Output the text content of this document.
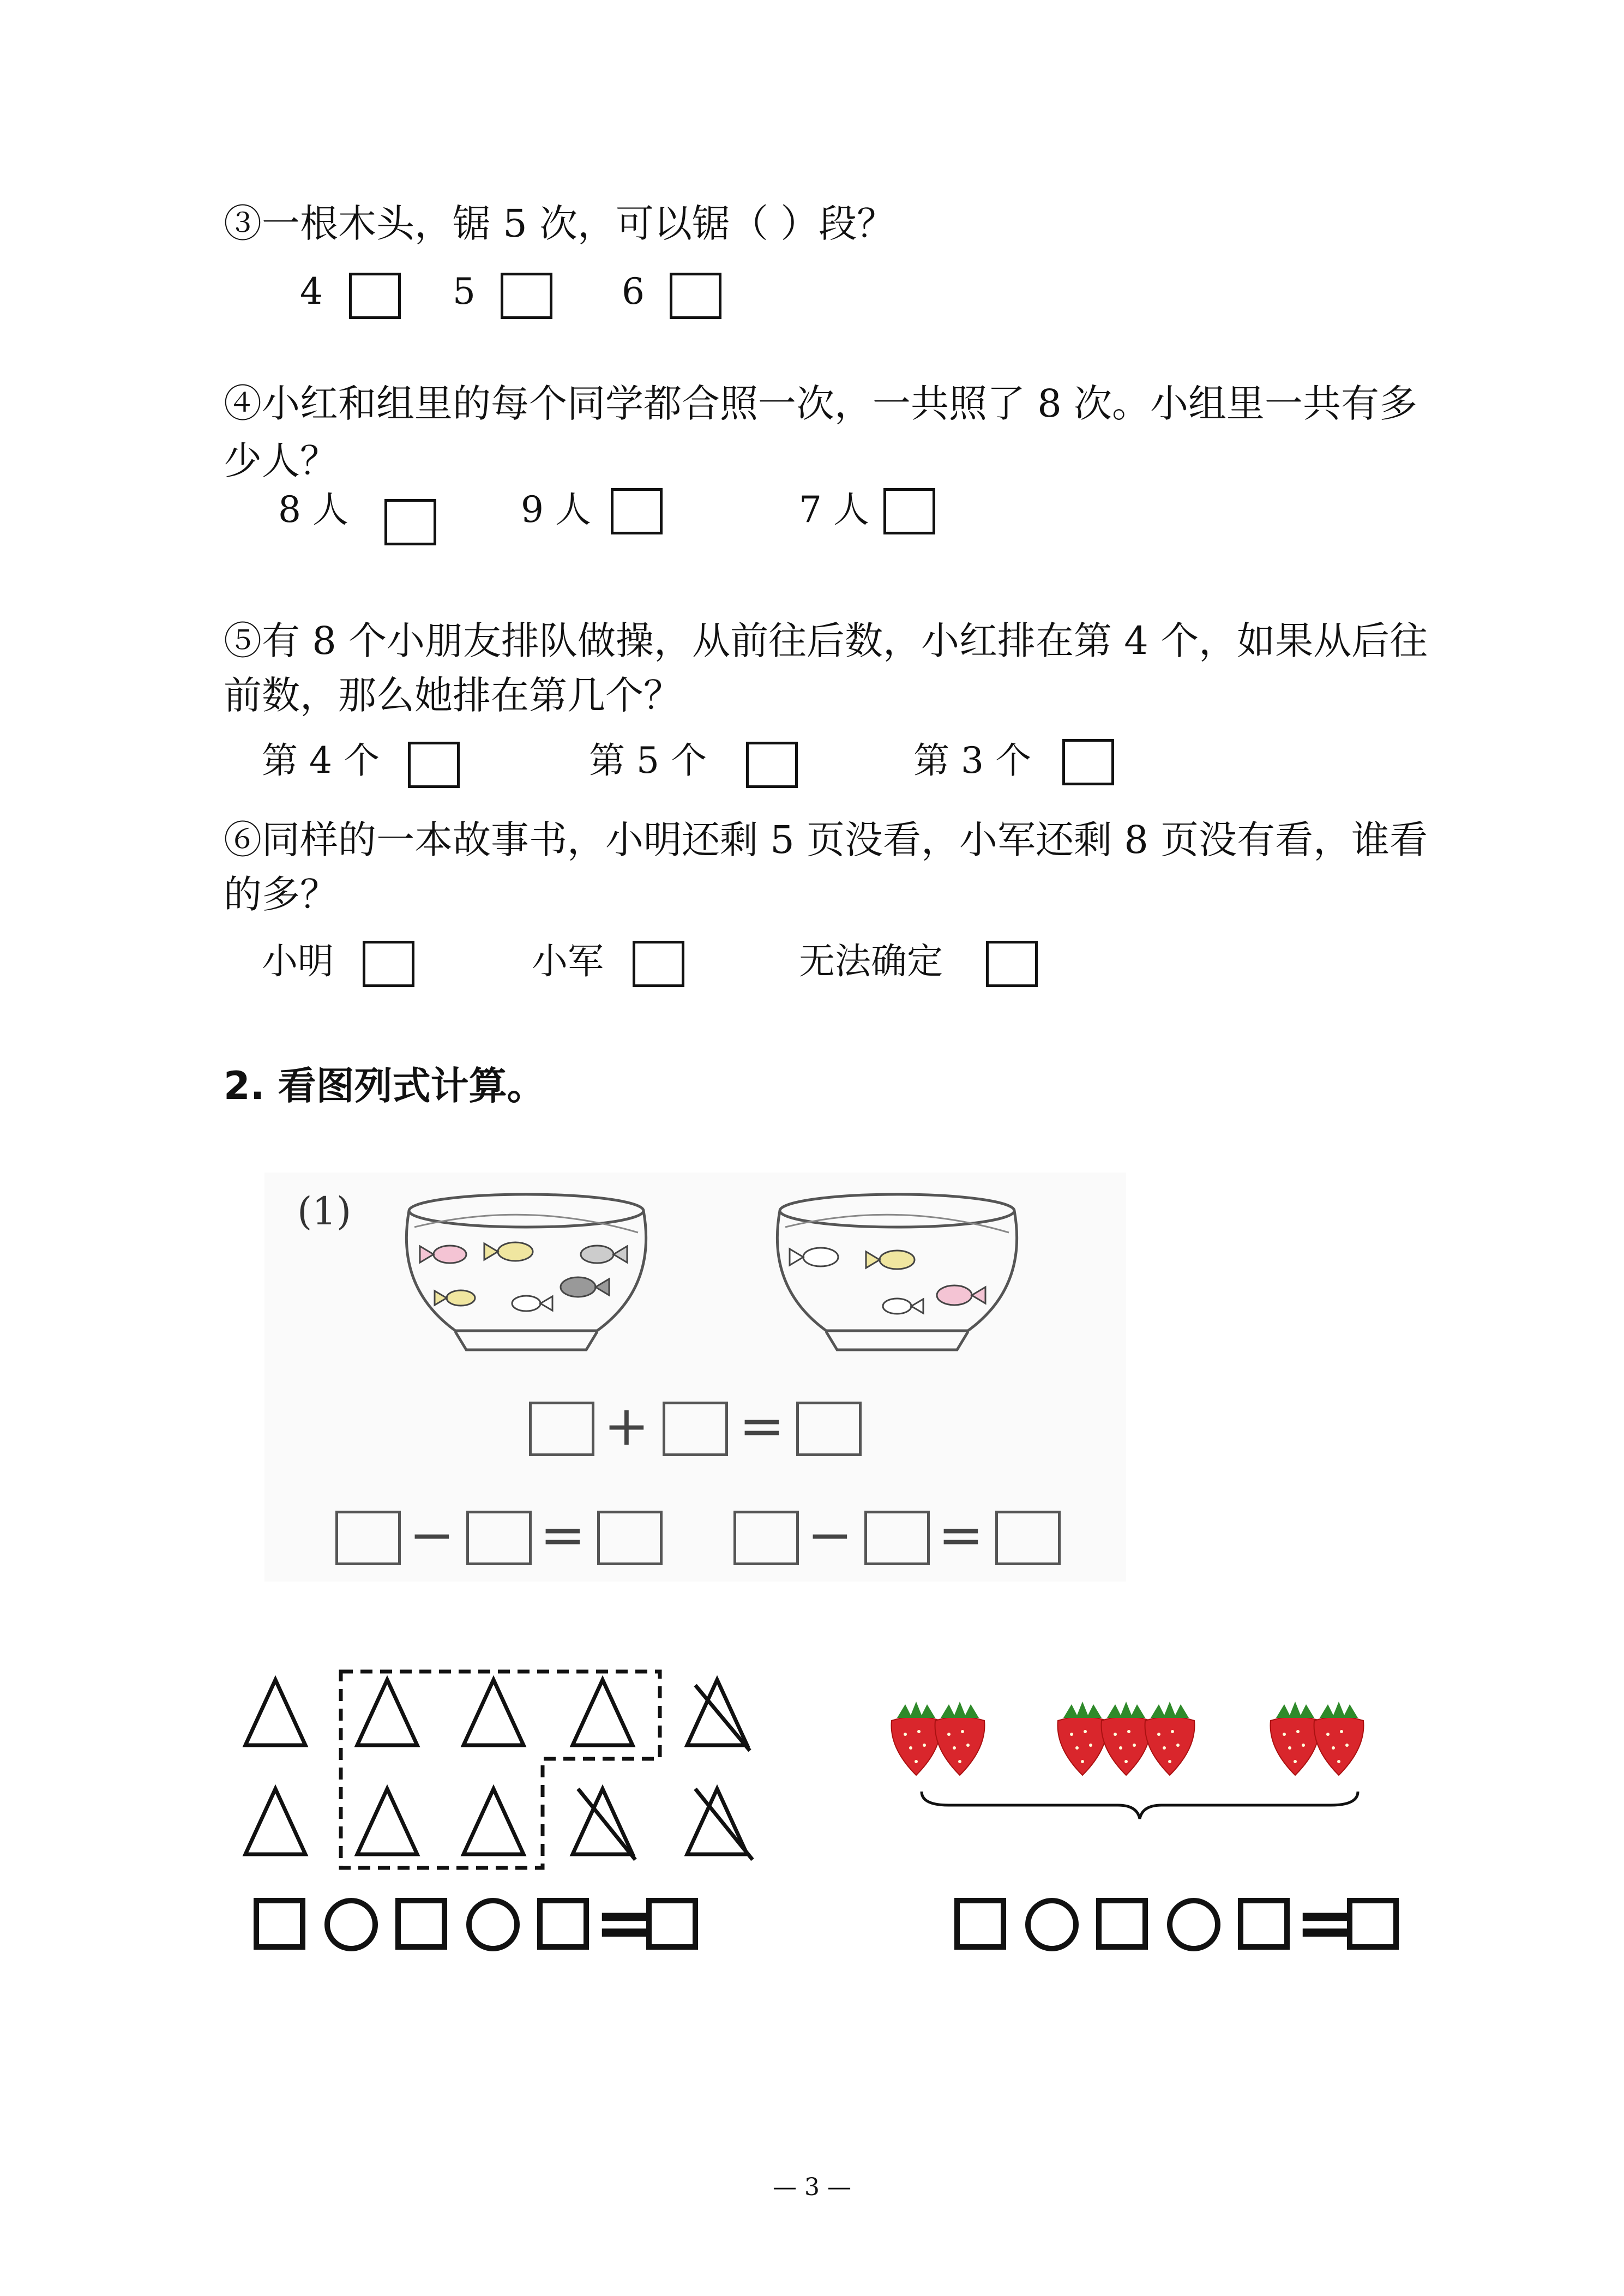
③一根木头，锯 5 次，可以锯（ ）段？
4	5	6
④小红和组里的每个同学都合照一次，一共照了 8 次。小组里一共有多
少人？
8 人	9 人	7 人
⑤有 8 个小朋友排队做操，从前往后数，小红排在第 4 个，如果从后往
前数，那么她排在第几个？
第 4 个	第 5 个	第 3 个
⑥同样的一本故事书，小明还剩 5 页没看，小军还剩 8 页没有看，谁看
的多？
小明	小军	无法确定
2. 看图列式计算。
(1)
+ =
− =	− =
=	=
— 3 —
